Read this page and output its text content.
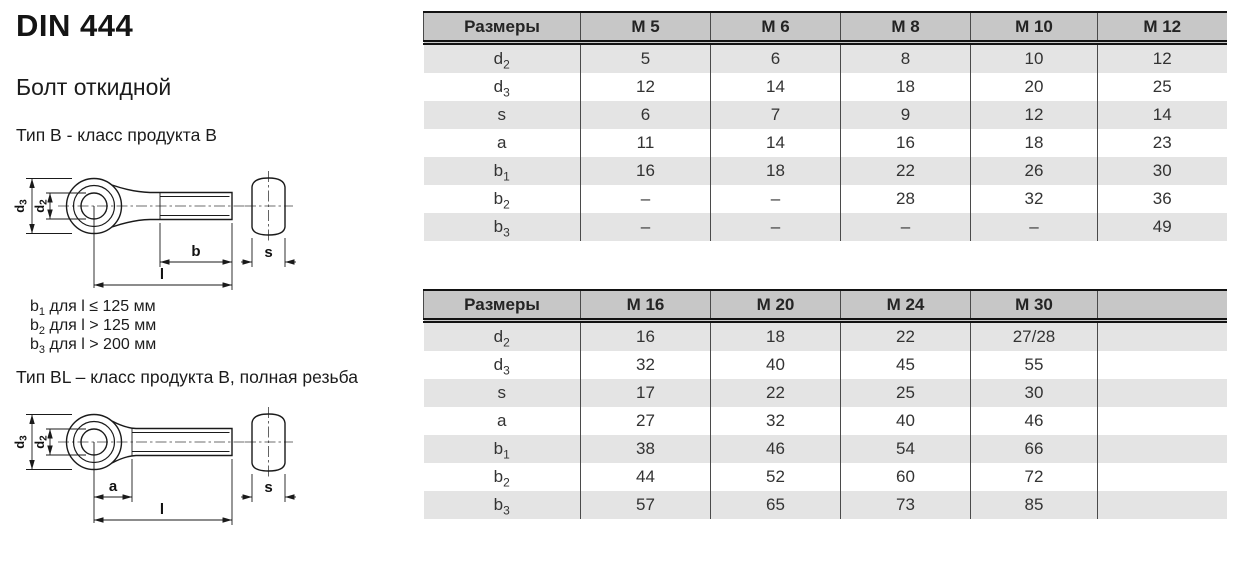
DIN 444
Болт откидной
Тип B - класс продукта B
$b_1$ для l ≤ 125 мм
$b_2$ для l > 125 мм
$b_3$ для l > 200 мм
Тип BL – класс продукта B, полная резьба
d3
d2
b
l
s
d3
d2
a
l
s
Размеры	M 5	M 6	M 8	M 10	M 12
$d_2$	5	6	8	10	12
$d_3$	12	14	18	20	25
s	6	7	9	12	14
a	11	14	16	18	23
$b_1$	16	18	22	26	30
$b_2$	–	–	28	32	36
$b_3$	–	–	–	–	49
Размеры	M 16	M 20	M 24	M 30	
$d_2$	16	18	22	27/28	
$d_3$	32	40	45	55	
s	17	22	25	30	
a	27	32	40	46	
$b_1$	38	46	54	66	
$b_2$	44	52	60	72	
$b_3$	57	65	73	85	
